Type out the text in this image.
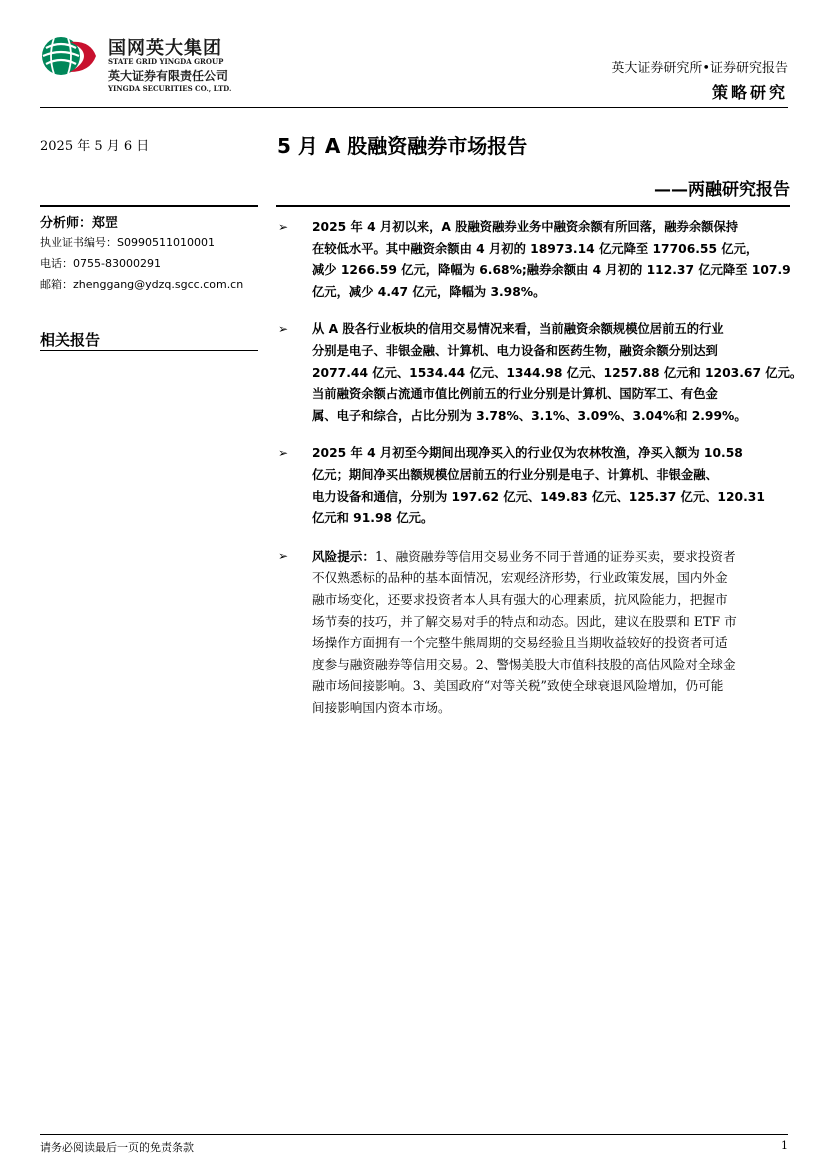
国网英大集团
STATE GRID YINGDA GROUP
英大证券有限责任公司
YINGDA SECURITIES CO., LTD.
英大证券研究所•证券研究报告
策略研究
2025 年 5 月 6 日	5 月 A 股融资融券市场报告
——两融研究报告
分析师：郑罡
执业证书编号：S0990511010001
电话：0755-83000291
邮箱：zhenggang@ydzq.sgcc.com.cn
相关报告
➢ 2025 年 4 月初以来，A 股融资融券业务中融资余额有所回落，融券余额保持
在较低水平。其中融资余额由 4 月初的 18973.14 亿元降至 17706.55 亿元，
减少 1266.59 亿元，降幅为 6.68%;融券余额由 4 月初的 112.37 亿元降至 107.9
亿元，减少 4.47 亿元，降幅为 3.98%。
➢ 从 A 股各行业板块的信用交易情况来看，当前融资余额规模位居前五的行业
分别是电子、非银金融、计算机、电力设备和医药生物，融资余额分别达到
2077.44 亿元、1534.44 亿元、1344.98 亿元、1257.88 亿元和 1203.67 亿元。
当前融资余额占流通市值比例前五的行业分别是计算机、国防军工、有色金
属、电子和综合，占比分别为 3.78%、3.1%、3.09%、3.04%和 2.99%。
➢ 2025 年 4 月初至今期间出现净买入的行业仅为农林牧渔，净买入额为 10.58
亿元；期间净买出额规模位居前五的行业分别是电子、计算机、非银金融、
电力设备和通信，分别为 197.62 亿元、149.83 亿元、125.37 亿元、120.31
亿元和 91.98 亿元。
➢ 风险提示：1、融资融券等信用交易业务不同于普通的证券买卖，要求投资者
不仅熟悉标的品种的基本面情况，宏观经济形势，行业政策发展，国内外金
融市场变化，还要求投资者本人具有强大的心理素质，抗风险能力，把握市
场节奏的技巧，并了解交易对手的特点和动态。因此，建议在股票和 ETF 市
场操作方面拥有一个完整牛熊周期的交易经验且当期收益较好的投资者可适
度参与融资融券等信用交易。2、警惕美股大市值科技股的高估风险对全球金
融市场间接影响。3、美国政府“对等关税”致使全球衰退风险增加，仍可能
间接影响国内资本市场。
请务必阅读最后一页的免责条款	1
